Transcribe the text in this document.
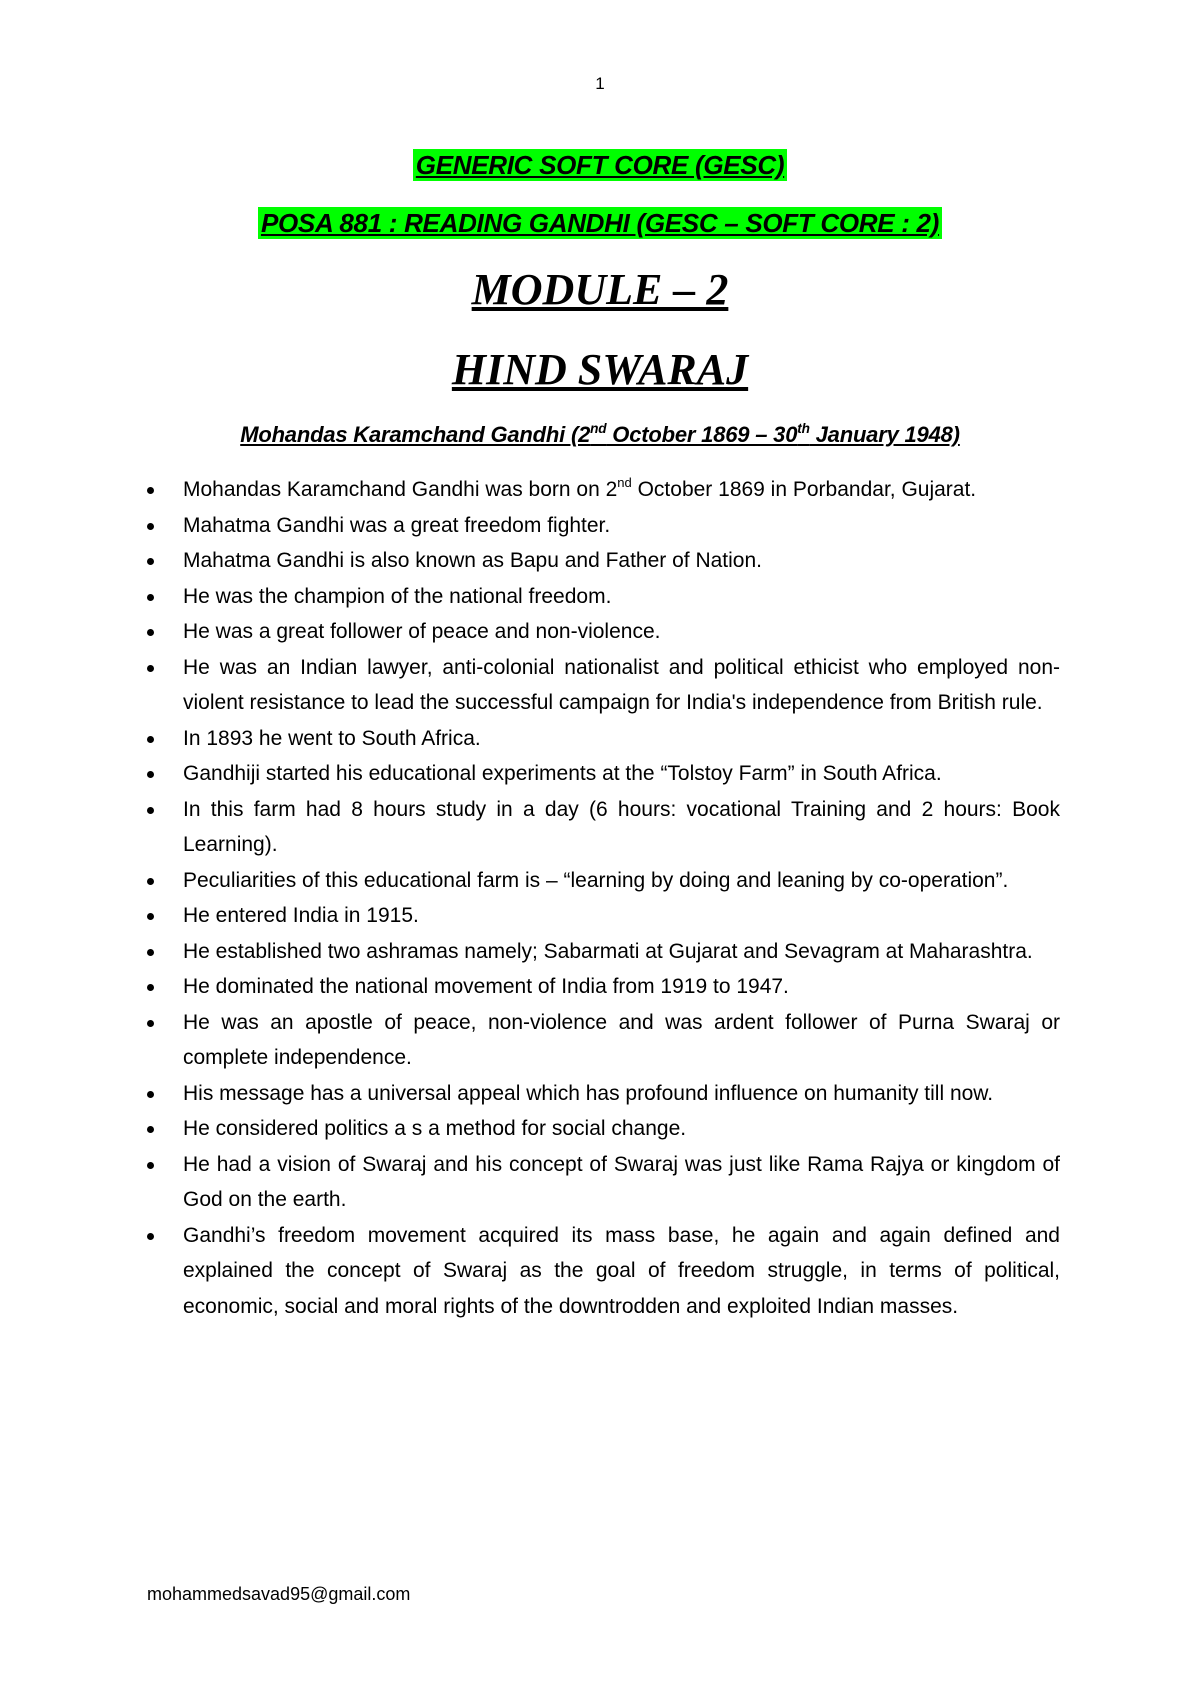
1
GENERIC SOFT CORE (GESC)
POSA 881 : READING GANDHI (GESC – SOFT CORE : 2)
MODULE – 2
HIND SWARAJ
Mohandas Karamchand Gandhi (2nd October 1869 – 30th January 1948)
Mohandas Karamchand Gandhi was born on 2nd October 1869 in Porbandar, Gujarat.
Mahatma Gandhi was a great freedom fighter.
Mahatma Gandhi is also known as Bapu and Father of Nation.
He was the champion of the national freedom.
He was a great follower of peace and non-violence.
He was an Indian lawyer, anti-colonial nationalist and political ethicist who employed non-violent resistance to lead the successful campaign for India's independence from British rule.
In 1893 he went to South Africa.
Gandhiji started his educational experiments at the “Tolstoy Farm” in South Africa.
In this farm had 8 hours study in a day (6 hours: vocational Training and 2 hours: Book Learning).
Peculiarities of this educational farm is – “learning by doing and leaning by co-operation”.
He entered India in 1915.
He established two ashramas namely; Sabarmati at Gujarat and Sevagram at Maharashtra.
He dominated the national movement of India from 1919 to 1947.
He was an apostle of peace, non-violence and was ardent follower of Purna Swaraj or complete independence.
His message has a universal appeal which has profound influence on humanity till now.
He considered politics a s a method for social change.
He had a vision of Swaraj and his concept of Swaraj was just like Rama Rajya or kingdom of God on the earth.
Gandhi’s freedom movement acquired its mass base, he again and again defined and explained the concept of Swaraj as the goal of freedom struggle, in terms of political, economic, social and moral rights of the downtrodden and exploited Indian masses.
mohammedsavad95@gmail.com
